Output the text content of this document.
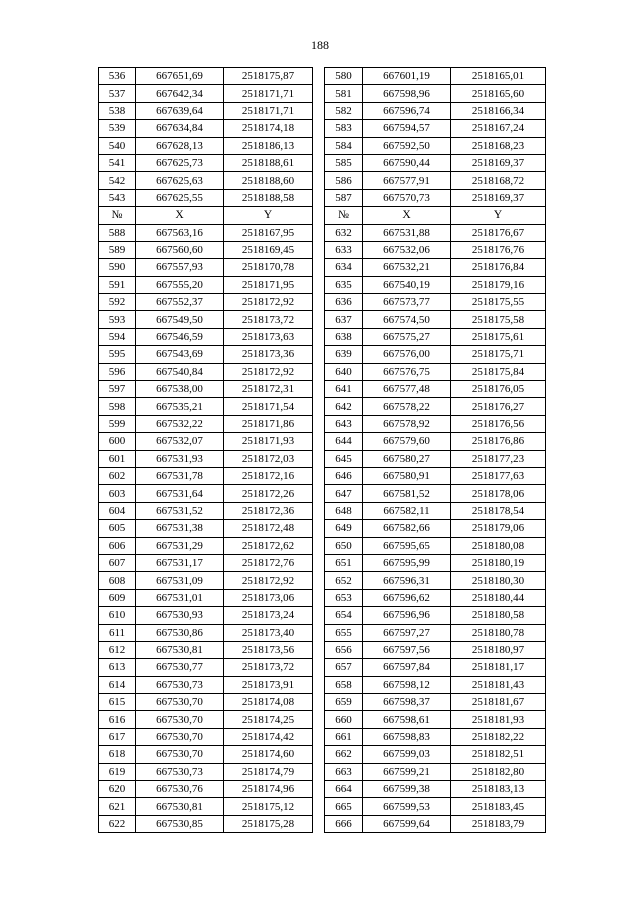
188
536	667651,69	2518175,87		580	667601,19	2518165,01
537	667642,34	2518171,71		581	667598,96	2518165,60
538	667639,64	2518171,71		582	667596,74	2518166,34
539	667634,84	2518174,18		583	667594,57	2518167,24
540	667628,13	2518186,13		584	667592,50	2518168,23
541	667625,73	2518188,61		585	667590,44	2518169,37
542	667625,63	2518188,60		586	667577,91	2518168,72
543	667625,55	2518188,58		587	667570,73	2518169,37
№	X	Y		№	X	Y
588	667563,16	2518167,95		632	667531,88	2518176,67
589	667560,60	2518169,45		633	667532,06	2518176,76
590	667557,93	2518170,78		634	667532,21	2518176,84
591	667555,20	2518171,95		635	667540,19	2518179,16
592	667552,37	2518172,92		636	667573,77	2518175,55
593	667549,50	2518173,72		637	667574,50	2518175,58
594	667546,59	2518173,63		638	667575,27	2518175,61
595	667543,69	2518173,36		639	667576,00	2518175,71
596	667540,84	2518172,92		640	667576,75	2518175,84
597	667538,00	2518172,31		641	667577,48	2518176,05
598	667535,21	2518171,54		642	667578,22	2518176,27
599	667532,22	2518171,86		643	667578,92	2518176,56
600	667532,07	2518171,93		644	667579,60	2518176,86
601	667531,93	2518172,03		645	667580,27	2518177,23
602	667531,78	2518172,16		646	667580,91	2518177,63
603	667531,64	2518172,26		647	667581,52	2518178,06
604	667531,52	2518172,36		648	667582,11	2518178,54
605	667531,38	2518172,48		649	667582,66	2518179,06
606	667531,29	2518172,62		650	667595,65	2518180,08
607	667531,17	2518172,76		651	667595,99	2518180,19
608	667531,09	2518172,92		652	667596,31	2518180,30
609	667531,01	2518173,06		653	667596,62	2518180,44
610	667530,93	2518173,24		654	667596,96	2518180,58
611	667530,86	2518173,40		655	667597,27	2518180,78
612	667530,81	2518173,56		656	667597,56	2518180,97
613	667530,77	2518173,72		657	667597,84	2518181,17
614	667530,73	2518173,91		658	667598,12	2518181,43
615	667530,70	2518174,08		659	667598,37	2518181,67
616	667530,70	2518174,25		660	667598,61	2518181,93
617	667530,70	2518174,42		661	667598,83	2518182,22
618	667530,70	2518174,60		662	667599,03	2518182,51
619	667530,73	2518174,79		663	667599,21	2518182,80
620	667530,76	2518174,96		664	667599,38	2518183,13
621	667530,81	2518175,12		665	667599,53	2518183,45
622	667530,85	2518175,28		666	667599,64	2518183,79
